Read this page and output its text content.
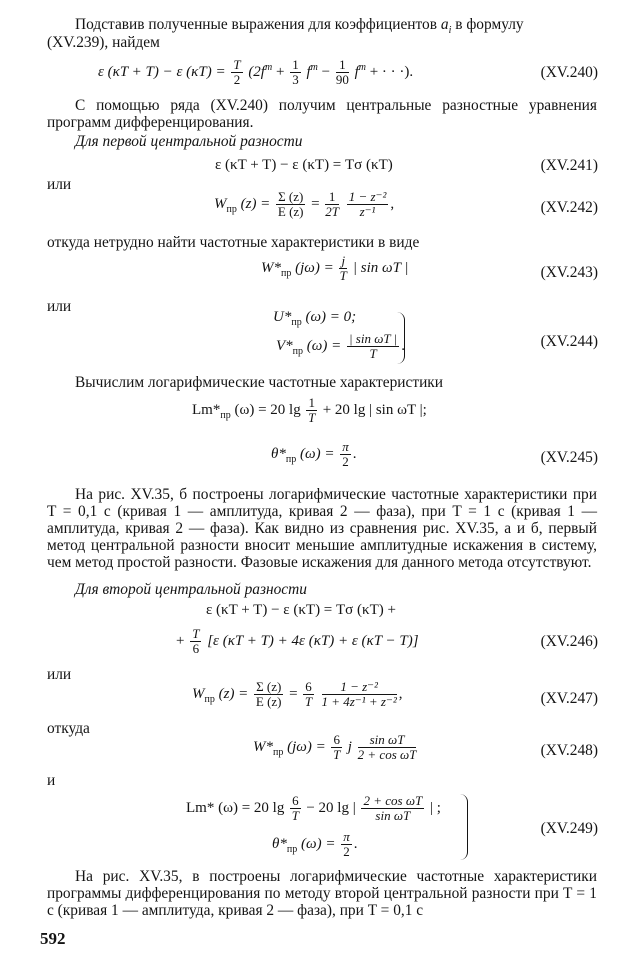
Подставив полученные выражения для коэффициентов $a_i$ в формулу
(XV.239), найдем
ε (κT + T) − ε $(\kappa T) = \frac{T}{2} (2f^m + \frac{1}{3} f^m - \frac{1}{90} f^m$ + · · ·).	(XV.240)
С помощью ряда (XV.240) получим центральные разностные уравнения программ дифференцирования.
Для первой центральной разности
ε (κT + T) − ε (κT) = Tσ (κT)	(XV.241)
или
$W_{пр}$ $(z) = \frac{\Sigma (z)}{E (z)} = \frac{1}{2T}$
$\frac{\text{1 − z⁻²}}{\text{z⁻¹}}$ ,	(XV.242)
откуда нетрудно найти частотные характеристики в виде
$W*_{пр}$ $(j\omega) = \frac{j}{T}$ | sin ωT |	(XV.243)
или
$U*_{пр}$ (ω) = 0;
$V*_{пр}$ $(\omega) = \frac{\text{| sin ωT |}}{T}$ .	(XV.244)
Вычислим логарифмические частотные характеристики
$Lm*_{пр}$ (ω) = 20 $\lg \frac{1}{T} + 20$ lg | sin ωT |;
$\theta*_{пр}$ $(\omega) = \frac{\pi}{2}$ .	(XV.245)
На рис. XV.35, б построены логарифмические частотные характеристики при T = 0,1 с (кривая 1 — амплитуда, кривая 2 — фаза), при T = 1 с (кривая 1 — амплитуда, кривая 2 — фаза). Как видно из сравнения рис. XV.35, а и б, первый метод центральной разности вносит меньшие амплитудные искажения в систему, чем метод простой разности. Фазовые искажения для данного метода отсутствуют.
Для второй центральной разности
ε (κT + T) − ε (κT) = Tσ (κT) +
+ $\frac{T}{6} [\varepsilon$ (κT + T) + 4ε (κT) + ε (κT − T)]	(XV.246)
или
$W_{пр}$ $(z) = \frac{\Sigma (z)}{E (z)} = \frac{6}{T}$
$\frac{\text{1 − z⁻²}}{\text{1 + 4z⁻¹ + z⁻²}}$ ,	(XV.247)
откуда
$W*_{пр}$ $(j\omega) = \frac{6}{T}$ j $\frac{\text{sin ωT}}{\text{2 + cos ωT}}$	(XV.248)
и
Lm* (ω) = 20 $\lg \frac{6}{T} - 20$ lg | $\frac{\text{2 + cos ωT}}{\text{sin ωT}}$ | ;
$\theta*_{пр}$ $(\omega) = \frac{\pi}{2}$ .
(XV.249)
На рис. XV.35, в построены логарифмические частотные характеристики программы дифференцирования по методу второй центральной разности при T = 1 с (кривая 1 — амплитуда, кривая 2 — фаза), при T = 0,1 с
592
